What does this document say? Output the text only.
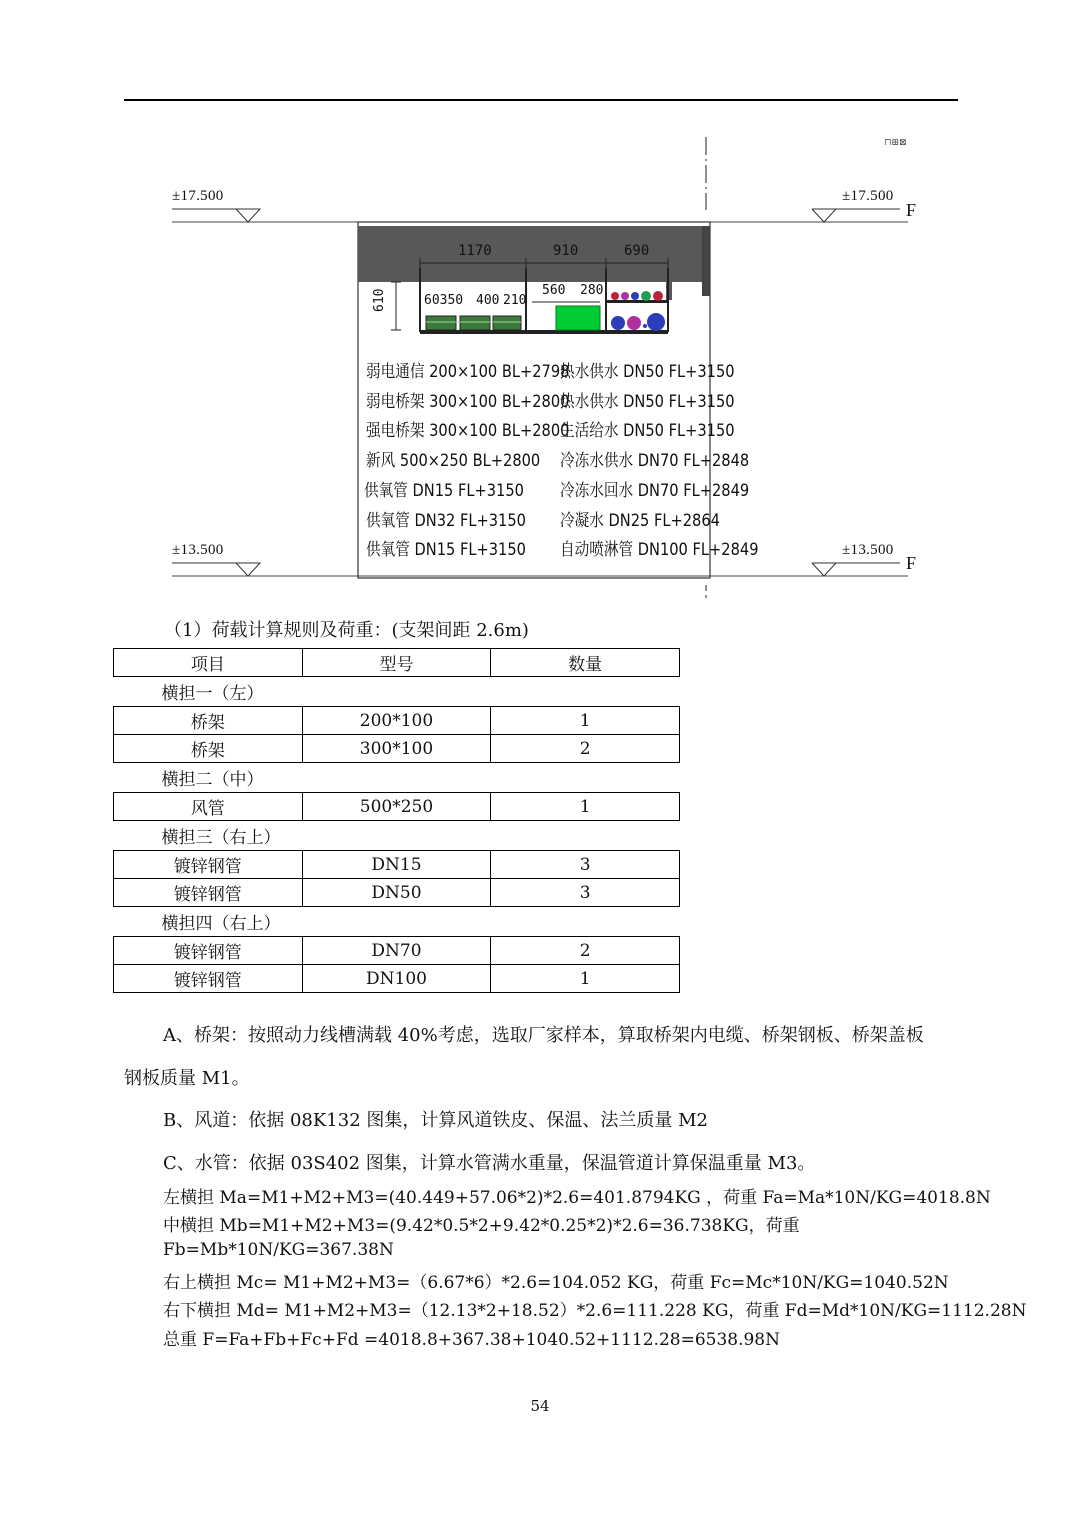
⊓⊞⊠
±17.500	±17.500
F
±13.500	±13.500
F
1170	910	690
610	60350 400 210
560 280
弱电通信 200×100 BL+2798
弱电桥架 300×100 BL+2800
强电桥架 300×100 BL+2800
新风 500×250 BL+2800
供氧管 DN15 FL+3150
供氧管 DN32 FL+3150
供氧管 DN15 FL+3150
热水供水 DN50 FL+3150
热水供水 DN50 FL+3150
生活给水 DN50 FL+3150
冷冻水供水 DN70 FL+2848
冷冻水回水 DN70 FL+2849
冷凝水 DN25 FL+2864
自动喷淋管 DN100 FL+2849
（1）荷载计算规则及荷重：(支架间距 2.6m)
项目	型号	数量
横担一（左）		
桥架	200*100	1
桥架	300*100	2
横担二（中）		
风管	500*250	1
横担三（右上）		
镀锌钢管	DN15	3
镀锌钢管	DN50	3
横担四（右上）		
镀锌钢管	DN70	2
镀锌钢管	DN100	1
A、桥架：按照动力线槽满载 40%考虑，选取厂家样本，算取桥架内电缆、桥架钢板、桥架盖板
钢板质量 M1。
B、风道：依据 08K132 图集，计算风道铁皮、保温、法兰质量 M2
C、水管：依据 03S402 图集，计算水管满水重量，保温管道计算保温重量 M3。
左横担 Ma=M1+M2+M3=(40.449+57.06*2)*2.6=401.8794KG ，荷重 Fa=Ma*10N/KG=4018.8N
中横担 Mb=M1+M2+M3=(9.42*0.5*2+9.42*0.25*2)*2.6=36.738KG，荷重
Fb=Mb*10N/KG=367.38N
右上横担 Mc= M1+M2+M3=（6.67*6）*2.6=104.052 KG，荷重 Fc=Mc*10N/KG=1040.52N
右下横担 Md= M1+M2+M3=（12.13*2+18.52）*2.6=111.228 KG，荷重 Fd=Md*10N/KG=1112.28N
总重 F=Fa+Fb+Fc+Fd =4018.8+367.38+1040.52+1112.28=6538.98N
54
